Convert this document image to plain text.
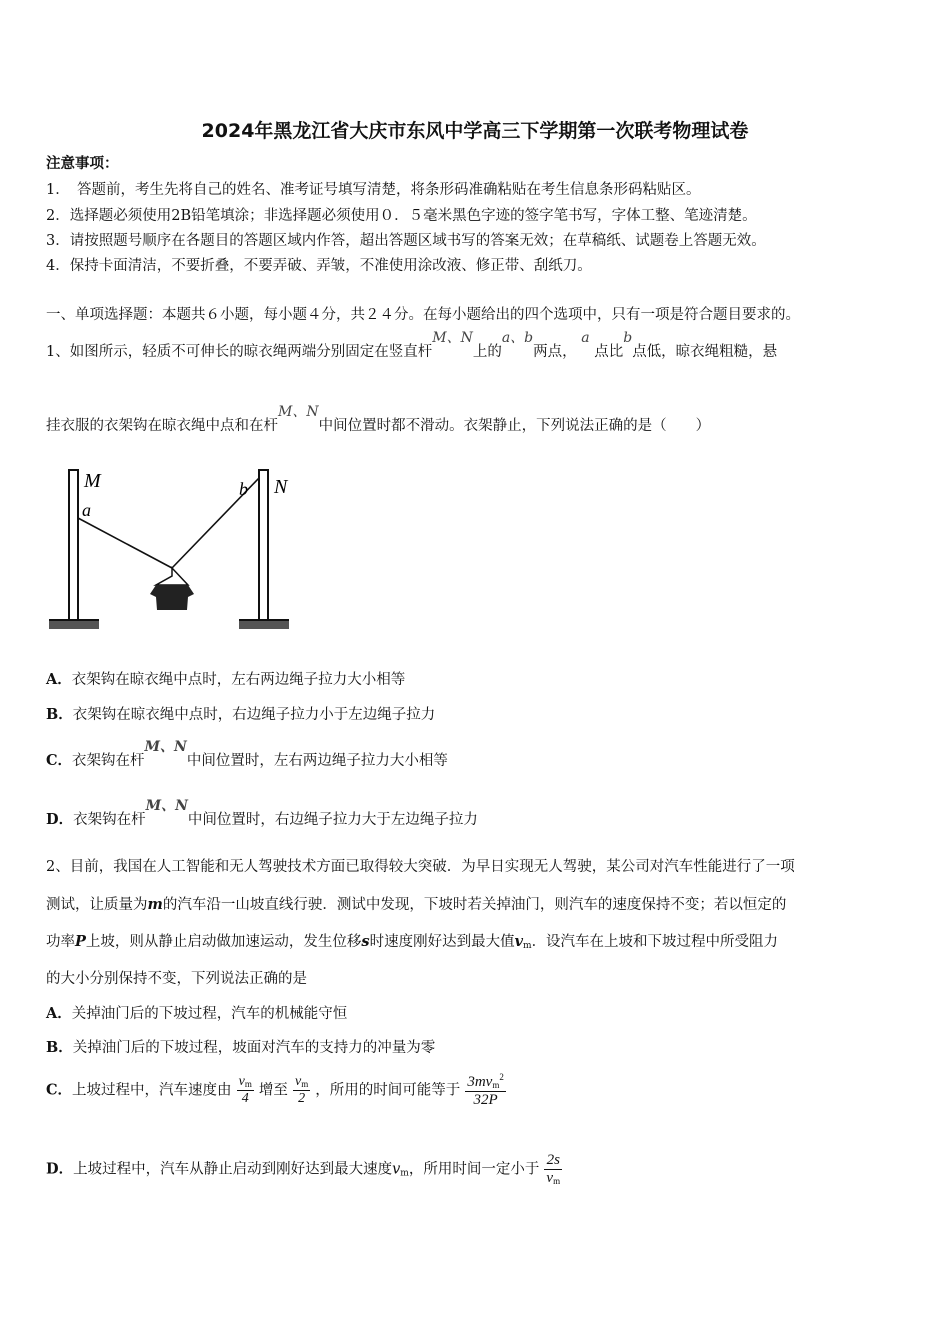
2024年黑龙江省大庆市东风中学高三下学期第一次联考物理试卷
注意事项：
1．　答题前，考生先将自己的姓名、准考证号填写清楚，将条形码准确粘贴在考生信息条形码粘贴区。
2．选择题必须使用2B铅笔填涂；非选择题必须使用０．５毫米黑色字迹的签字笔书写，字体工整、笔迹清楚。
3．请按照题号顺序在各题目的答题区域内作答，超出答题区域书写的答案无效；在草稿纸、试题卷上答题无效。
4．保持卡面清洁，不要折叠，不要弄破、弄皱，不准使用涂改液、修正带、刮纸刀。
一、单项选择题：本题共６小题，每小题４分，共２４分。在每小题给出的四个选项中，只有一项是符合题目要求的。
1、如图所示，轻质不可伸长的晾衣绳两端分别固定在竖直杆M、N上的a、b两点， a 点比b点低，晾衣绳粗糙，悬
挂衣服的衣架钩在晾衣绳中点和在杆M、N中间位置时都不滑动。衣架静止，下列说法正确的是（　　）
M
a
b N
A．衣架钩在晾衣绳中点时，左右两边绳子拉力大小相等
B．衣架钩在晾衣绳中点时，右边绳子拉力小于左边绳子拉力
C．衣架钩在杆M、N中间位置时，左右两边绳子拉力大小相等
D．衣架钩在杆M、N中间位置时，右边绳子拉力大于左边绳子拉力
2、目前，我国在人工智能和无人驾驶技术方面已取得较大突破．为早日实现无人驾驶，某公司对汽车性能进行了一项
测试，让质量为m的汽车沿一山坡直线行驶．测试中发现，下坡时若关掉油门，则汽车的速度保持不变；若以恒定的
功率P上坡，则从静止启动做加速运动，发生位移s时速度刚好达到最大值$v_m$．设汽车在上坡和下坡过程中所受阻力
的大小分别保持不变，下列说法正确的是
A．关掉油门后的下坡过程，汽车的机械能守恒
B．关掉油门后的下坡过程，坡面对汽车的支持力的冲量为零
C．上坡过程中，汽车速度由 $\frac{v_m}{4}$ 增至 $\frac{v_m}{2}$ ，所用的时间可能等于 $\frac{3mv_m^2}{32P}$
D．上坡过程中，汽车从静止启动到刚好达到最大速度$v_m$，所用时间一定小于 $\frac{2s}{v_m}$
